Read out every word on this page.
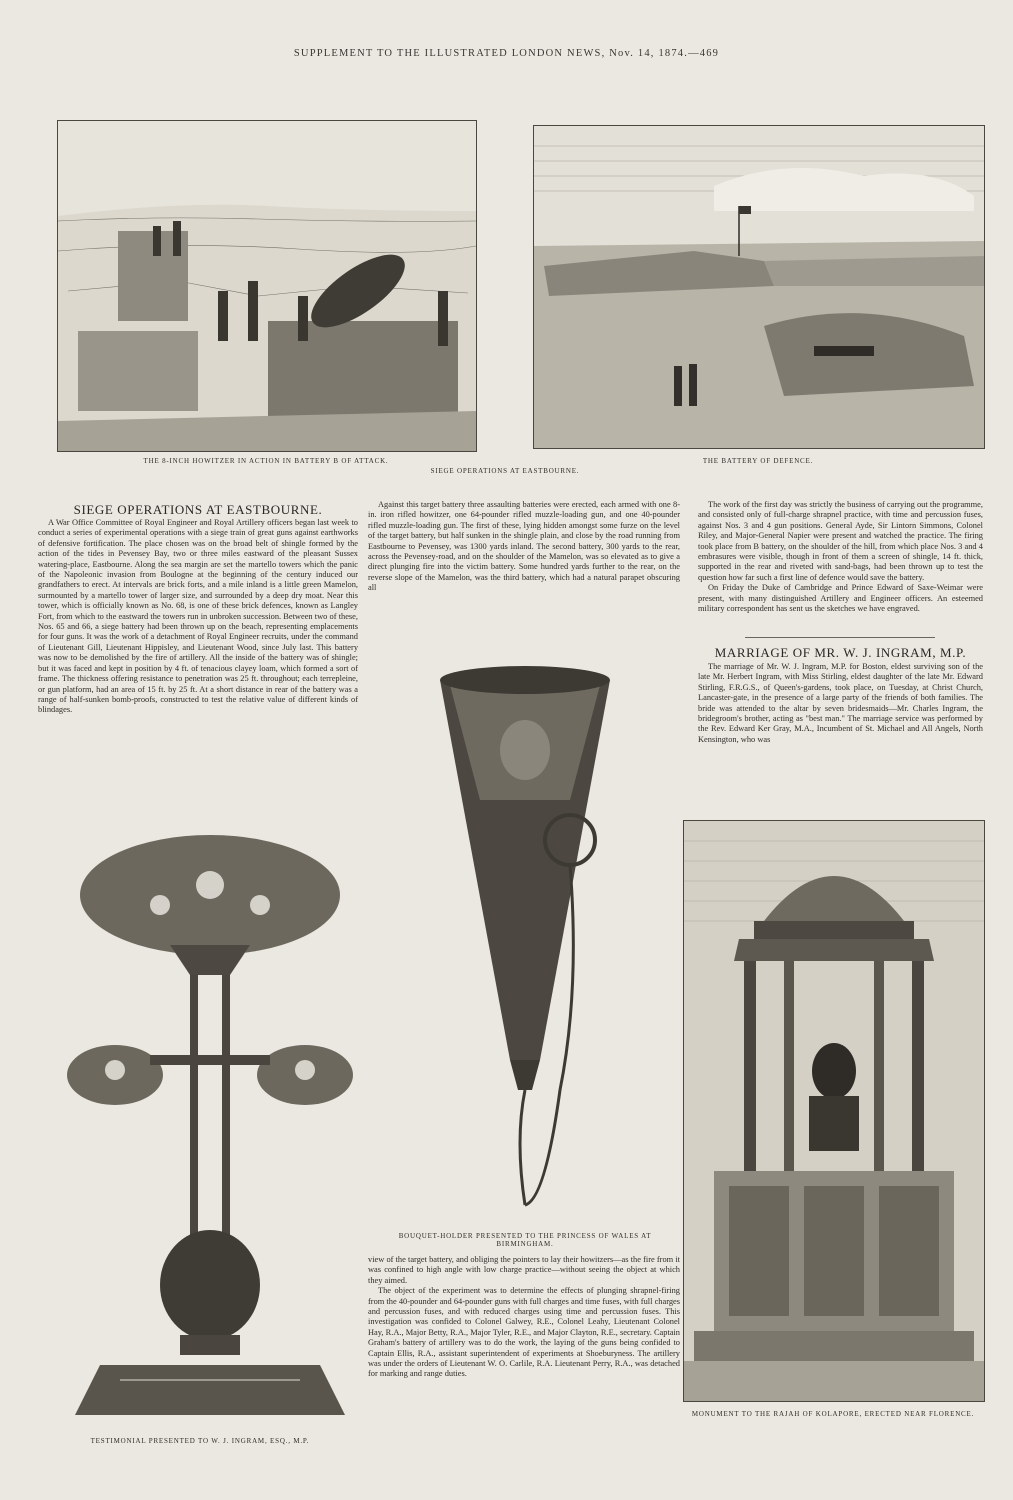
SUPPLEMENT TO THE ILLUSTRATED LONDON NEWS, Nov. 14, 1874.—469
THE 8-INCH HOWITZER IN ACTION IN BATTERY B OF ATTACK.
SIEGE OPERATIONS AT EASTBOURNE.
THE BATTERY OF DEFENCE.
SIEGE OPERATIONS AT EASTBOURNE.

A War Office Committee of Royal Engineer and Royal Artillery officers began last week to conduct a series of experimental operations with a siege train of great guns against earthworks of defensive fortification. The place chosen was on the broad belt of shingle formed by the action of the tides in Pevensey Bay, two or three miles eastward of the pleasant Sussex watering-place, Eastbourne. Along the sea margin are set the martello towers which the panic of the Napoleonic invasion from Boulogne at the beginning of the century induced our grandfathers to erect. At intervals are brick forts, and a mile inland is a little green Mamelon, surmounted by a martello tower of larger size, and surrounded by a deep dry moat. Near this tower, which is officially known as No. 68, is one of these brick defences, known as Langley Fort, from which to the eastward the towers run in unbroken succession. Between two of these, Nos. 65 and 66, a siege battery had been thrown up on the beach, representing emplacements for four guns. It was the work of a detachment of Royal Engineer recruits, under the command of Lieutenant Gill, Lieutenant Hippisley, and Lieutenant Wood, since July last. This battery was now to be demolished by the fire of artillery. All the inside of the battery was of shingle; but it was faced and kept in position by 4 ft. of tenacious clayey loam, which formed a sort of frame. The thickness offering resistance to penetration was 25 ft. throughout; each terrepleine, or gun platform, had an area of 15 ft. by 25 ft. At a short distance in rear of the battery was a range of half-sunken bomb-proofs, constructed to test the relative value of different kinds of blindages.

Against this target battery three assaulting batteries were erected, each armed with one 8-in. iron rifled howitzer, one 64-pounder rifled muzzle-loading gun, and one 40-pounder rifled muzzle-loading gun. The first of these, lying hidden amongst some furze on the level of the target battery, but half sunken in the shingle plain, and close by the road running from Eastbourne to Pevensey, was 1300 yards inland. The second battery, 300 yards to the rear, across the Pevensey-road, and on the shoulder of the Mamelon, was so elevated as to give a direct plunging fire into the victim battery. Some hundred yards further to the rear, on the reverse slope of the Mamelon, was the third battery, which had a natural parapet obscuring all

The work of the first day was strictly the business of carrying out the programme, and consisted only of full-charge shrapnel practice, with time and percussion fuses, against Nos. 3 and 4 gun positions. General Ayde, Sir Lintorn Simmons, Colonel Riley, and Major-General Napier were present and watched the practice. The firing took place from B battery, on the shoulder of the hill, from which place Nos. 3 and 4 embrasures were visible, though in front of them a screen of shingle, 14 ft. thick, supported in the rear and riveted with sand-bags, had been thrown up to test the question how far such a first line of defence would save the battery.

On Friday the Duke of Cambridge and Prince Edward of Saxe-Weimar were present, with many distinguished Artillery and Engineer officers. An esteemed military correspondent has sent us the sketches we have engraved.

MARRIAGE OF MR. W. J. INGRAM, M.P.

The marriage of Mr. W. J. Ingram, M.P. for Boston, eldest surviving son of the late Mr. Herbert Ingram, with Miss Stirling, eldest daughter of the late Mr. Edward Stirling, F.R.G.S., of Queen's-gardens, took place, on Tuesday, at Christ Church, Lancaster-gate, in the presence of a large party of the friends of both families. The bride was attended to the altar by seven bridesmaids—Mr. Charles Ingram, the bridegroom's brother, acting as "best man." The marriage service was performed by the Rev. Edward Ker Gray, M.A., Incumbent of St. Michael and All Angels, North Kensington, who was

TESTIMONIAL PRESENTED TO W. J. INGRAM, ESQ., M.P.
BOUQUET-HOLDER PRESENTED TO THE PRINCESS OF WALES AT BIRMINGHAM.

view of the target battery, and obliging the pointers to lay their howitzers—as the fire from it was confined to high angle with low charge practice—without seeing the object at which they aimed.

The object of the experiment was to determine the effects of plunging shrapnel-firing from the 40-pounder and 64-pounder guns with full charges and time fuses, with full charges and percussion fuses, and with reduced charges using time and percussion fuses. This investigation was confided to Colonel Galwey, R.E., Colonel Leahy, Lieutenant Colonel Hay, R.A., Major Betty, R.A., Major Tyler, R.E., and Major Clayton, R.E., secretary. Captain Graham's battery of artillery was to do the work, the laying of the guns being confided to Captain Ellis, R.A., assistant superintendent of experiments at Shoeburyness. The artillery was under the orders of Lieutenant W. O. Carlile, R.A. Lieutenant Perry, R.A., was detached for marking and range duties.

MONUMENT TO THE RAJAH OF KOLAPORE, ERECTED NEAR FLORENCE.
